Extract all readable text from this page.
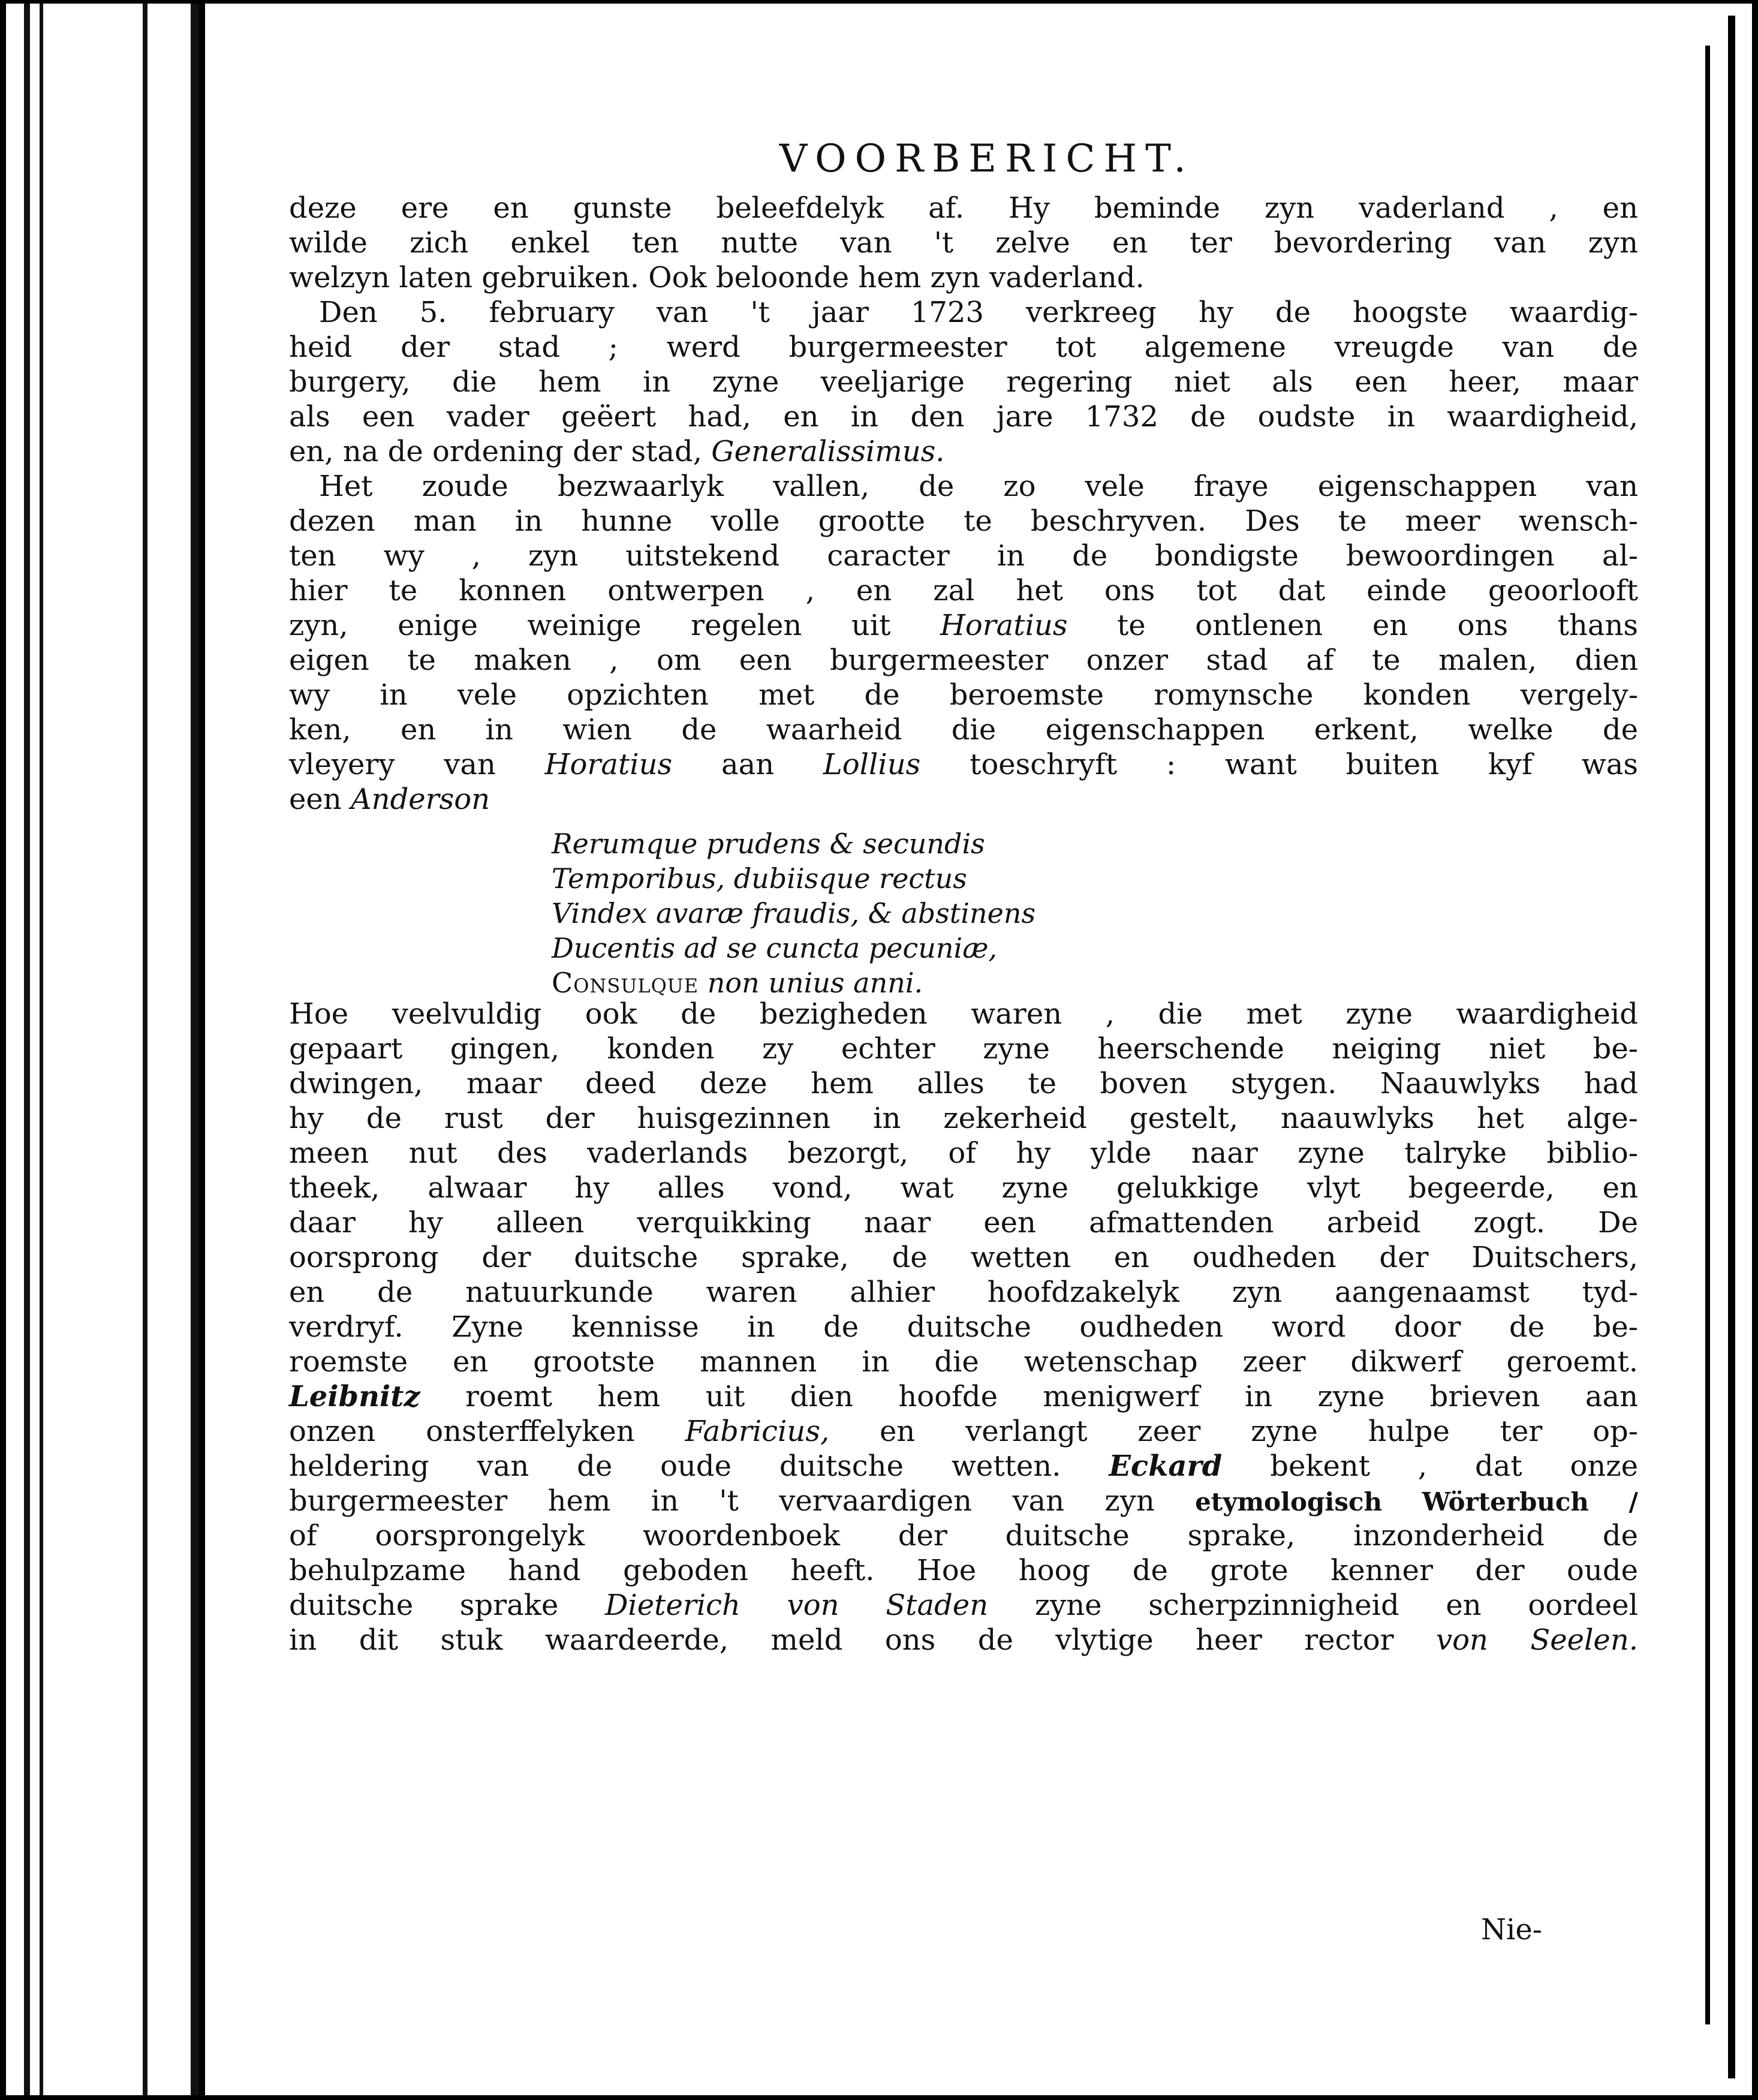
VOORBERICHT.
deze ere en gunste beleefdelyk af. Hy beminde zyn vaderland , en
wilde zich enkel ten nutte van 't zelve en ter bevordering van zyn
welzyn laten gebruiken. Ook beloonde hem zyn vaderland.
Den 5. february van 't jaar 1723 verkreeg hy de hoogste waardig-
heid der stad ; werd burgermeester tot algemene vreugde van de
burgery, die hem in zyne veeljarige regering niet als een heer, maar
als een vader geëert had, en in den jare 1732 de oudste in waardigheid,
en, na de ordening der stad, Generalissimus.
Het zoude bezwaarlyk vallen, de zo vele fraye eigenschappen van
dezen man in hunne volle grootte te beschryven. Des te meer wensch-
ten wy , zyn uitstekend caracter in de bondigste bewoordingen al-
hier te konnen ontwerpen , en zal het ons tot dat einde geoorlooft
zyn, enige weinige regelen uit Horatius te ontlenen en ons thans
eigen te maken , om een burgermeester onzer stad af te malen, dien
wy in vele opzichten met de beroemste romynsche konden vergely-
ken, en in wien de waarheid die eigenschappen erkent, welke de
vleyery van Horatius aan Lollius toeschryft : want buiten kyf was
een Anderson
Hoe veelvuldig ook de bezigheden waren , die met zyne waardigheid
gepaart gingen, konden zy echter zyne heerschende neiging niet be-
dwingen, maar deed deze hem alles te boven stygen. Naauwlyks had
hy de rust der huisgezinnen in zekerheid gestelt, naauwlyks het alge-
meen nut des vaderlands bezorgt, of hy ylde naar zyne talryke biblio-
theek, alwaar hy alles vond, wat zyne gelukkige vlyt begeerde, en
daar hy alleen verquikking naar een afmattenden arbeid zogt. De
oorsprong der duitsche sprake, de wetten en oudheden der Duitschers,
en de natuurkunde waren alhier hoofdzakelyk zyn aangenaamst tyd-
verdryf. Zyne kennisse in de duitsche oudheden word door de be-
roemste en grootste mannen in die wetenschap zeer dikwerf geroemt.
Leibnitz roemt hem uit dien hoofde menigwerf in zyne brieven aan
onzen onsterffelyken Fabricius, en verlangt zeer zyne hulpe ter op-
heldering van de oude duitsche wetten. Eckard bekent , dat onze
burgermeester hem in 't vervaardigen van zyn etymologisch Wörterbuch /
of oorsprongelyk woordenboek der duitsche sprake, inzonderheid de
behulpzame hand geboden heeft. Hoe hoog de grote kenner der oude
duitsche sprake Dieterich von Staden zyne scherpzinnigheid en oordeel
in dit stuk waardeerde, meld ons de vlytige heer rector von Seelen.
Rerumque prudens & secundis
Temporibus, dubiisque rectus
Vindex avaræ fraudis, & abstinens
Ducentis ad se cuncta pecuniæ,
Consulque non unius anni.
Nie-
